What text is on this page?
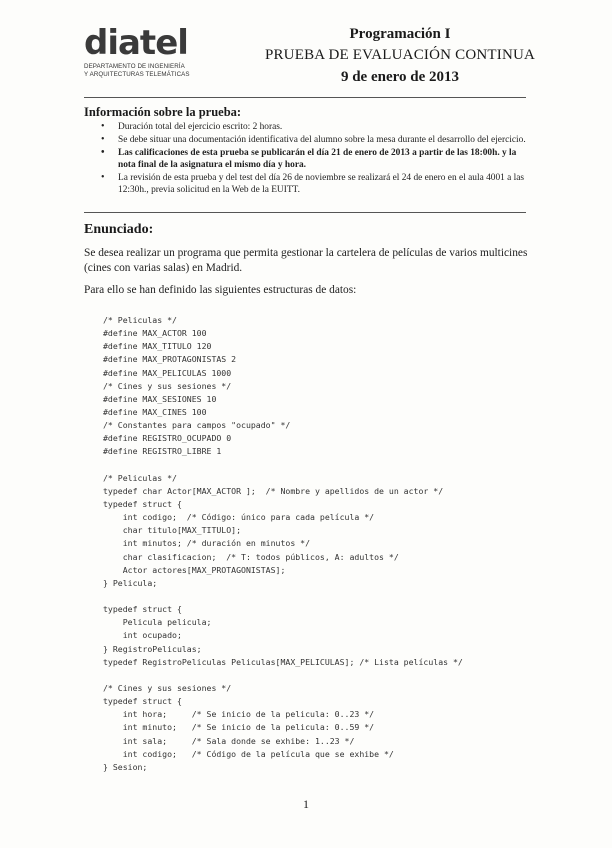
diatel
DEPARTAMENTO DE INGENIERÍA
Y ARQUITECTURAS TELEMÁTICAS
Programación I
PRUEBA DE EVALUACIÓN CONTINUA
9 de enero de 2013
Información sobre la prueba:
• Duración total del ejercicio escrito: 2 horas.
• Se debe situar una documentación identificativa del alumno sobre la mesa durante el desarrollo del ejercicio.
• Las calificaciones de esta prueba se publicarán el día 21 de enero de 2013 a partir de las 18:00h. y la nota final de la asignatura el mismo día y hora.
• La revisión de esta prueba y del test del día 26 de noviembre se realizará el 24 de enero en el aula 4001 a las 12:30h., previa solicitud en la Web de la EUITT.
Enunciado:
Se desea realizar un programa que permita gestionar la cartelera de películas de varios multicines (cines con varias salas) en Madrid.
Para ello se han definido las siguientes estructuras de datos:
/* Peliculas */
#define MAX_ACTOR 100
#define MAX_TITULO 120
#define MAX_PROTAGONISTAS 2
#define MAX_PELICULAS 1000
/* Cines y sus sesiones */
#define MAX_SESIONES 10
#define MAX_CINES 100
/* Constantes para campos "ocupado" */
#define REGISTRO_OCUPADO 0
#define REGISTRO_LIBRE 1
/* Peliculas */
typedef char Actor[MAX_ACTOR ];  /* Nombre y apellidos de un actor */
typedef struct {
int codigo;  /* Código: único para cada película */
char titulo[MAX_TITULO];
int minutos; /* duración en minutos */
char clasificacion;  /* T: todos públicos, A: adultos */
Actor actores[MAX_PROTAGONISTAS];
} Pelicula;
typedef struct {
Pelicula pelicula;
int ocupado;
} RegistroPeliculas;
typedef RegistroPeliculas Peliculas[MAX_PELICULAS]; /* Lista películas */
/* Cines y sus sesiones */
typedef struct {
int hora;     /* Se inicio de la pelicula: 0..23 */
int minuto;   /* Se inicio de la pelicula: 0..59 */
int sala;     /* Sala donde se exhibe: 1..23 */
int codigo;   /* Código de la película que se exhibe */
} Sesion;
1
